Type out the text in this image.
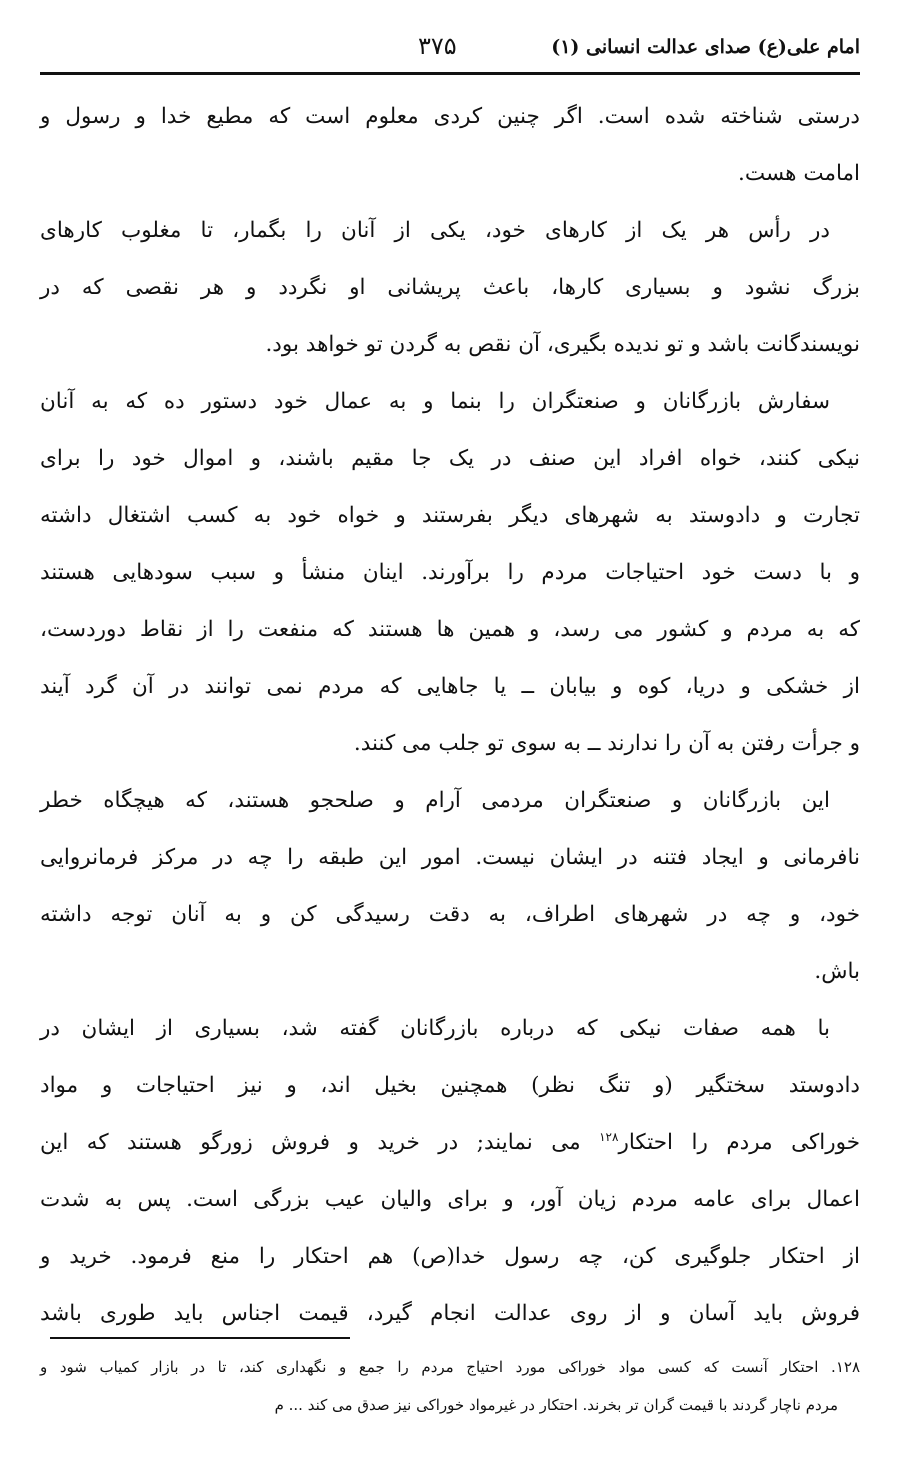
امام علی(ع) صدای عدالت انسانی (۱)
۳۷۵
درستی شناخته شده است. اگر چنین کردی معلوم است که مطیع خدا و رسول و
امامت هست.
در رأس هر یک از کارهای خود، یکی از آنان را بگمار، تا مغلوب کارهای
بزرگ نشود و بسیاری کارها، باعث پریشانی او نگردد و هر نقصی که در
نویسندگانت باشد و تو ندیده بگیری، آن نقص به گردن تو خواهد بود.
سفارش بازرگانان و صنعتگران را بنما و به عمال خود دستور ده که به آنان
نیکی کنند، خواه افراد این صنف در یک جا مقیم باشند، و اموال خود را برای
تجارت و دادوستد به شهرهای دیگر بفرستند و خواه خود به کسب اشتغال داشته
و با دست خود احتیاجات مردم را برآورند. اینان منشأ و سبب سودهایی هستند
که به مردم و کشور می رسد، و همین ها هستند که منفعت را از نقاط دوردست،
از خشکی و دریا، کوه و بیابان ــ یا جاهایی که مردم نمی توانند در آن گرد آیند
و جرأت رفتن به آن را ندارند ــ به سوی تو جلب می کنند.
این بازرگانان و صنعتگران مردمی آرام و صلحجو هستند، که هیچگاه خطر
نافرمانی و ایجاد فتنه در ایشان نیست. امور این طبقه را چه در مرکز فرمانروایی
خود، و چه در شهرهای اطراف، به دقت رسیدگی کن و به آنان توجه داشته
باش.
با همه صفات نیکی که درباره بازرگانان گفته شد، بسیاری از ایشان در
دادوستد سختگیر (و تنگ نظر) همچنین بخیل اند، و نیز احتیاجات و مواد
خوراکی مردم را احتکار$^{۱۲۸}$ می نمایند; در خرید و فروش زورگو هستند که این
اعمال برای عامه مردم زیان آور، و برای والیان عیب بزرگی است. پس به شدت
از احتکار جلوگیری کن، چه رسول خدا(ص) هم احتکار را منع فرمود. خرید و
فروش باید آسان و از روی عدالت انجام گیرد، قیمت اجناس باید طوری باشد
۱۲۸. احتکار آنست که کسی مواد خوراکی مورد احتیاج مردم را جمع و نگهداری کند، تا در بازار کمیاب شود و
مردم ناچار گردند با قیمت گران تر بخرند. احتکار در غیرمواد خوراکی نیز صدق می کند ... م
